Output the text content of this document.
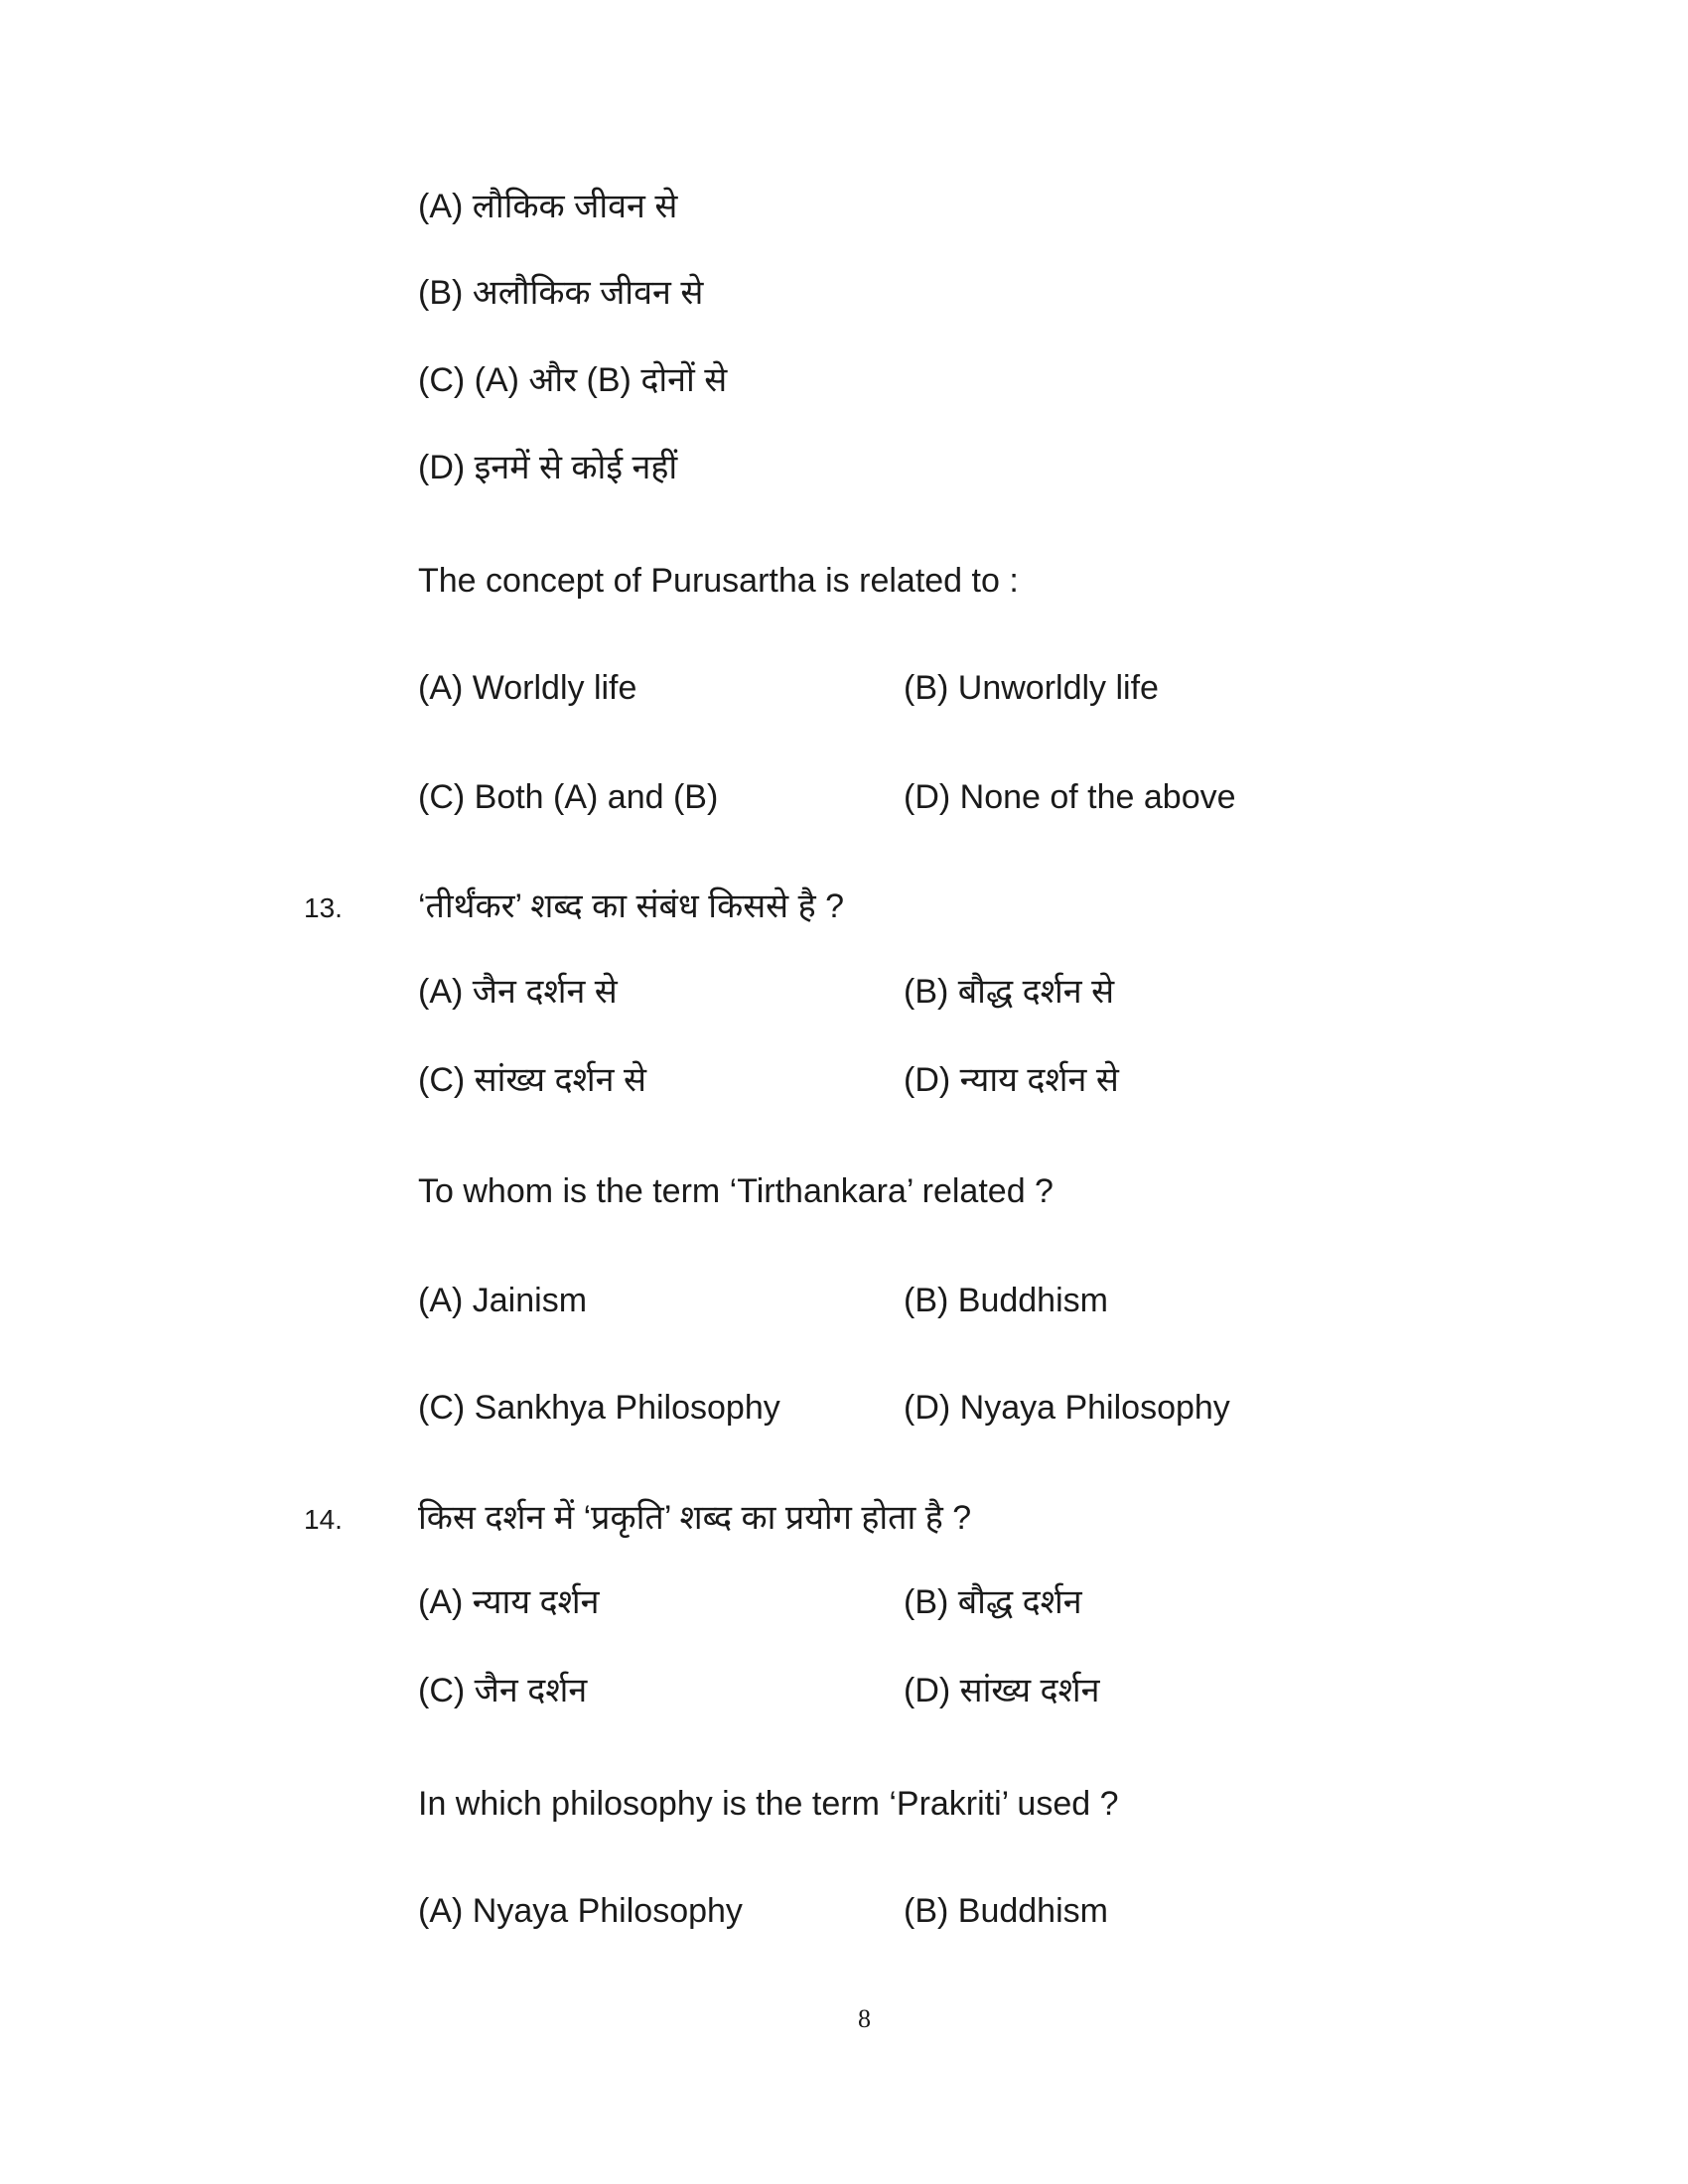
(A) लौकिक जीवन से
(B) अलौकिक जीवन से
(C) (A) और (B) दोनों से
(D) इनमें से कोई नहीं
The concept of Purusartha is related to :
(A) Worldly life	(B) Unworldly life
(C) Both (A) and (B)	(D) None of the above
13. ‘तीर्थंकर’ शब्द का संबंध किससे है ?
(A) जैन दर्शन से	(B) बौद्ध दर्शन से
(C) सांख्य दर्शन से	(D) न्याय दर्शन से
To whom is the term ‘Tirthankara’ related ?
(A) Jainism	(B) Buddhism
(C) Sankhya Philosophy	(D) Nyaya Philosophy
14. किस दर्शन में ‘प्रकृति’ शब्द का प्रयोग होता है ?
(A) न्याय दर्शन	(B) बौद्ध दर्शन
(C) जैन दर्शन	(D) सांख्य दर्शन
In which philosophy is the term ‘Prakriti’ used ?
(A) Nyaya Philosophy	(B) Buddhism
8
